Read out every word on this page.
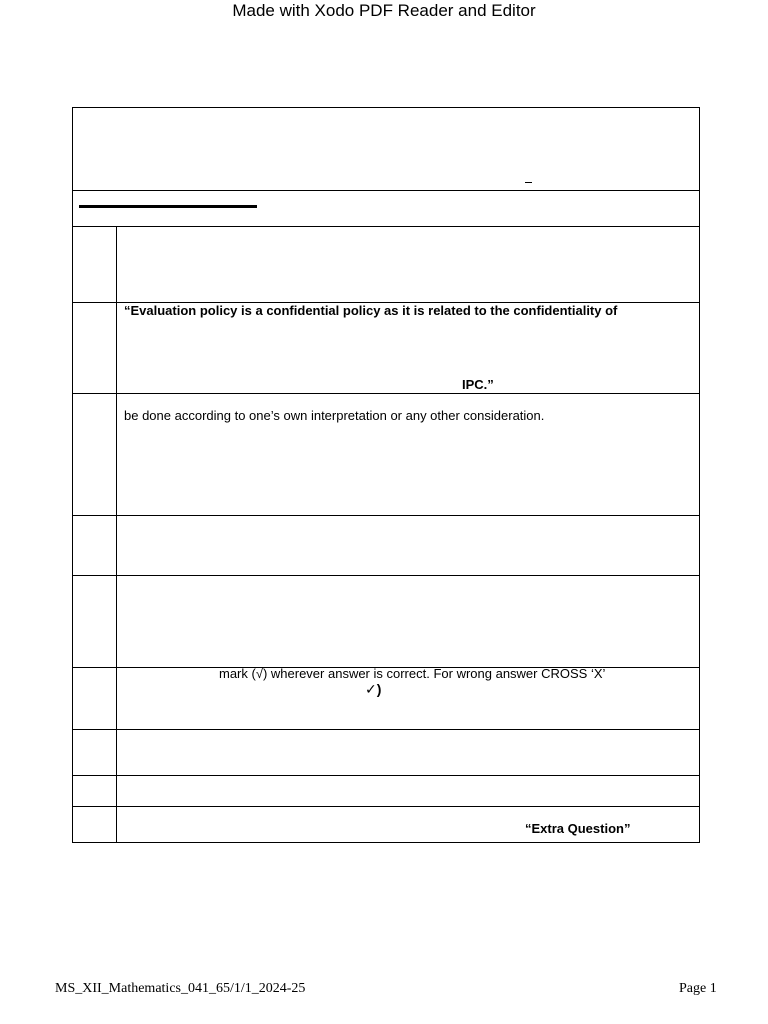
Made with Xodo PDF Reader and Editor
“Evaluation policy is a confidential policy as it is related to the confidentiality of
IPC.”
be done according to one’s own interpretation or any other consideration.
mark (√) wherever answer is correct. For wrong answer CROSS ‘X’
✓)
“Extra Question”
MS_XII_Mathematics_041_65/1/1_2024-25	Page 1
